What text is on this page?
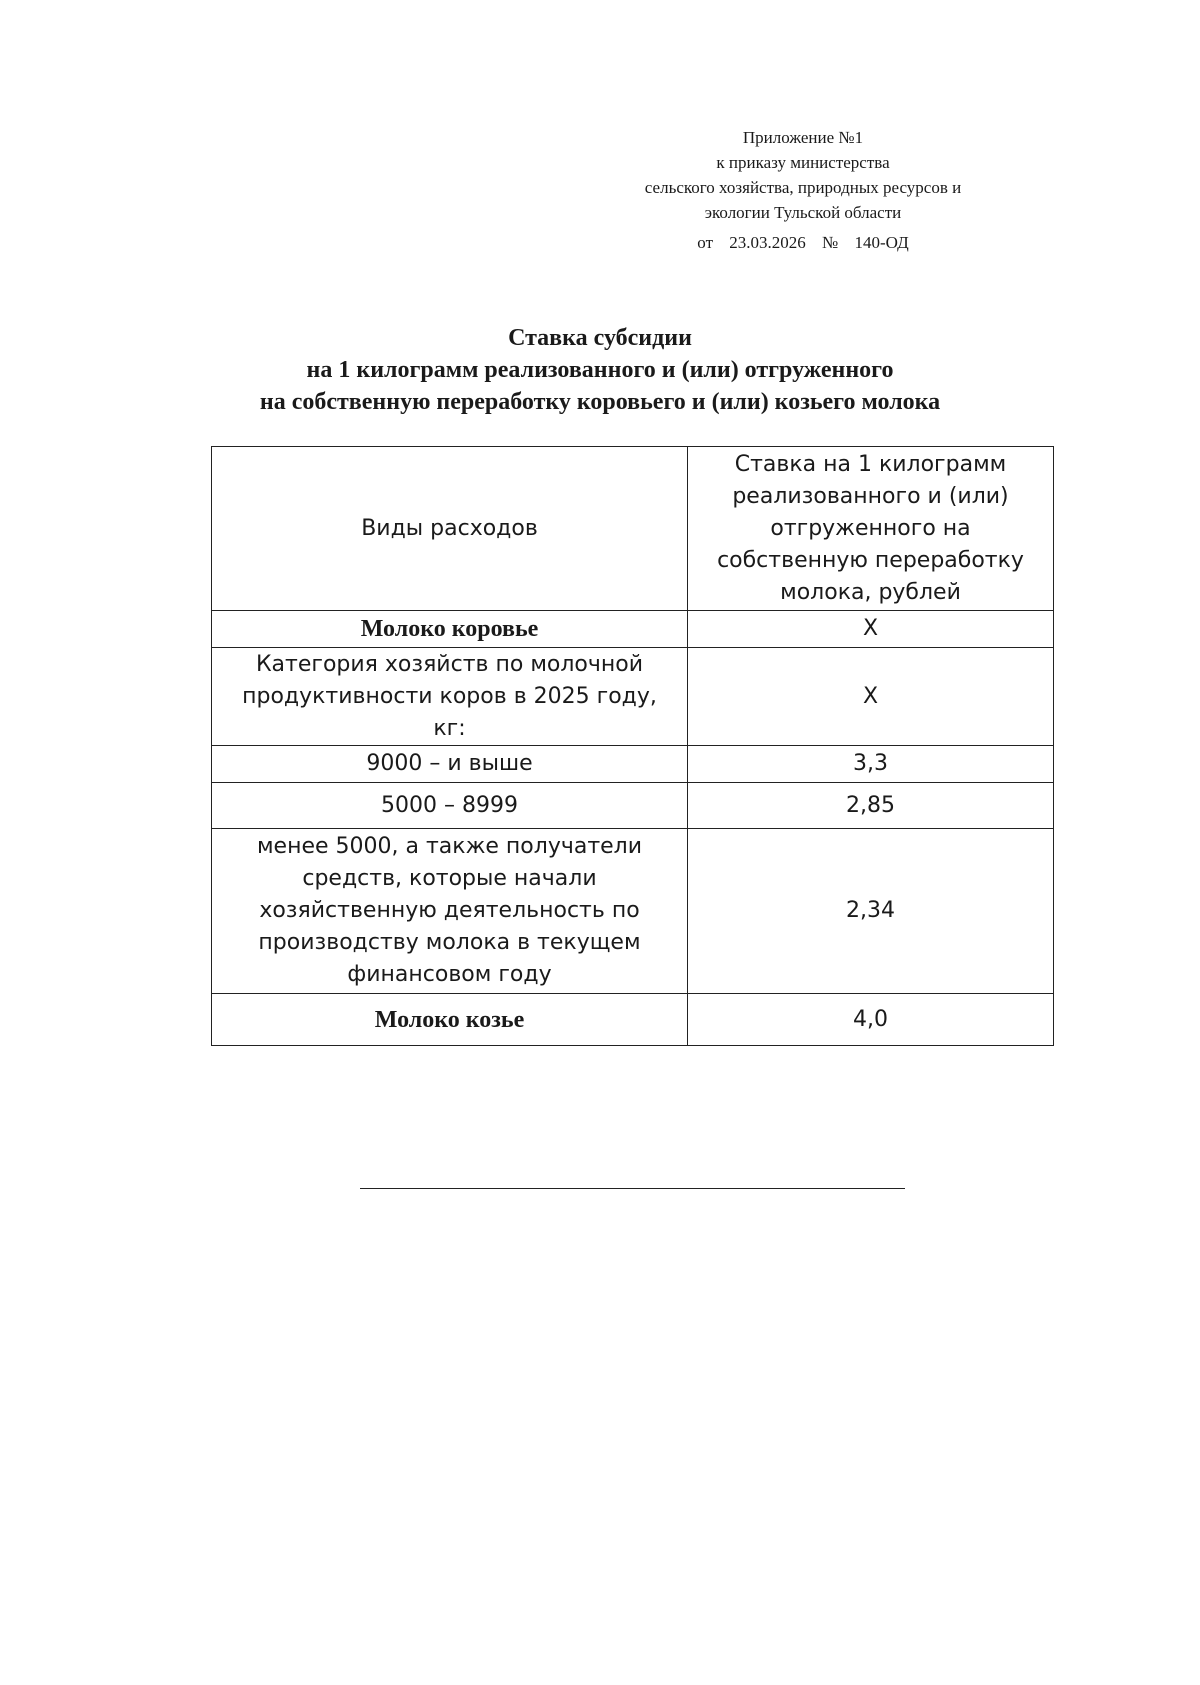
Приложение №1
к приказу министерства
сельского хозяйства, природных ресурсов и
экологии Тульской области
от 23.03.2026 № 140-ОД
Ставка субсидии
на 1 килограмм реализованного и (или) отгруженного
на собственную переработку коровьего и (или) козьего молока
Виды расходов	Ставка на 1 килограмм реализованного и (или) отгруженного на собственную переработку молока, рублей
Молоко коровье	Х
Категория хозяйств по молочной продуктивности коров в 2025 году, кг:	Х
9000 – и выше	3,3
5000 – 8999	2,85
менее 5000, а также получатели средств, которые начали хозяйственную деятельность по производству молока в текущем финансовом году	2,34
Молоко козье	4,0
